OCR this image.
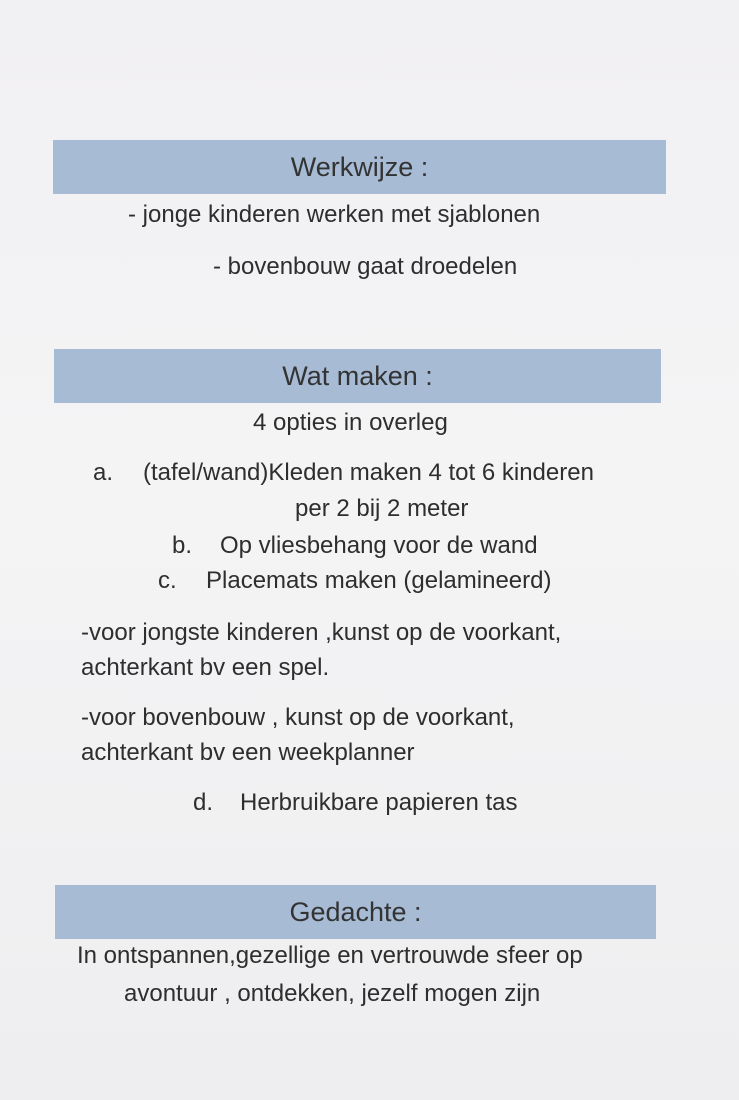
Werkwijze :
- jonge kinderen werken met sjablonen
- bovenbouw gaat droedelen
Wat maken :
4 opties in overleg
a. (tafel/wand)Kleden maken 4 tot 6 kinderen
per 2 bij 2 meter
b. Op vliesbehang voor de wand
c. Placemats maken (gelamineerd)
-voor jongste kinderen ,kunst op de voorkant,
achterkant bv een spel.
-voor bovenbouw , kunst op de voorkant,
achterkant bv een weekplanner
d. Herbruikbare papieren tas
Gedachte :
In ontspannen,gezellige en vertrouwde sfeer op
avontuur , ontdekken, jezelf mogen zijn
